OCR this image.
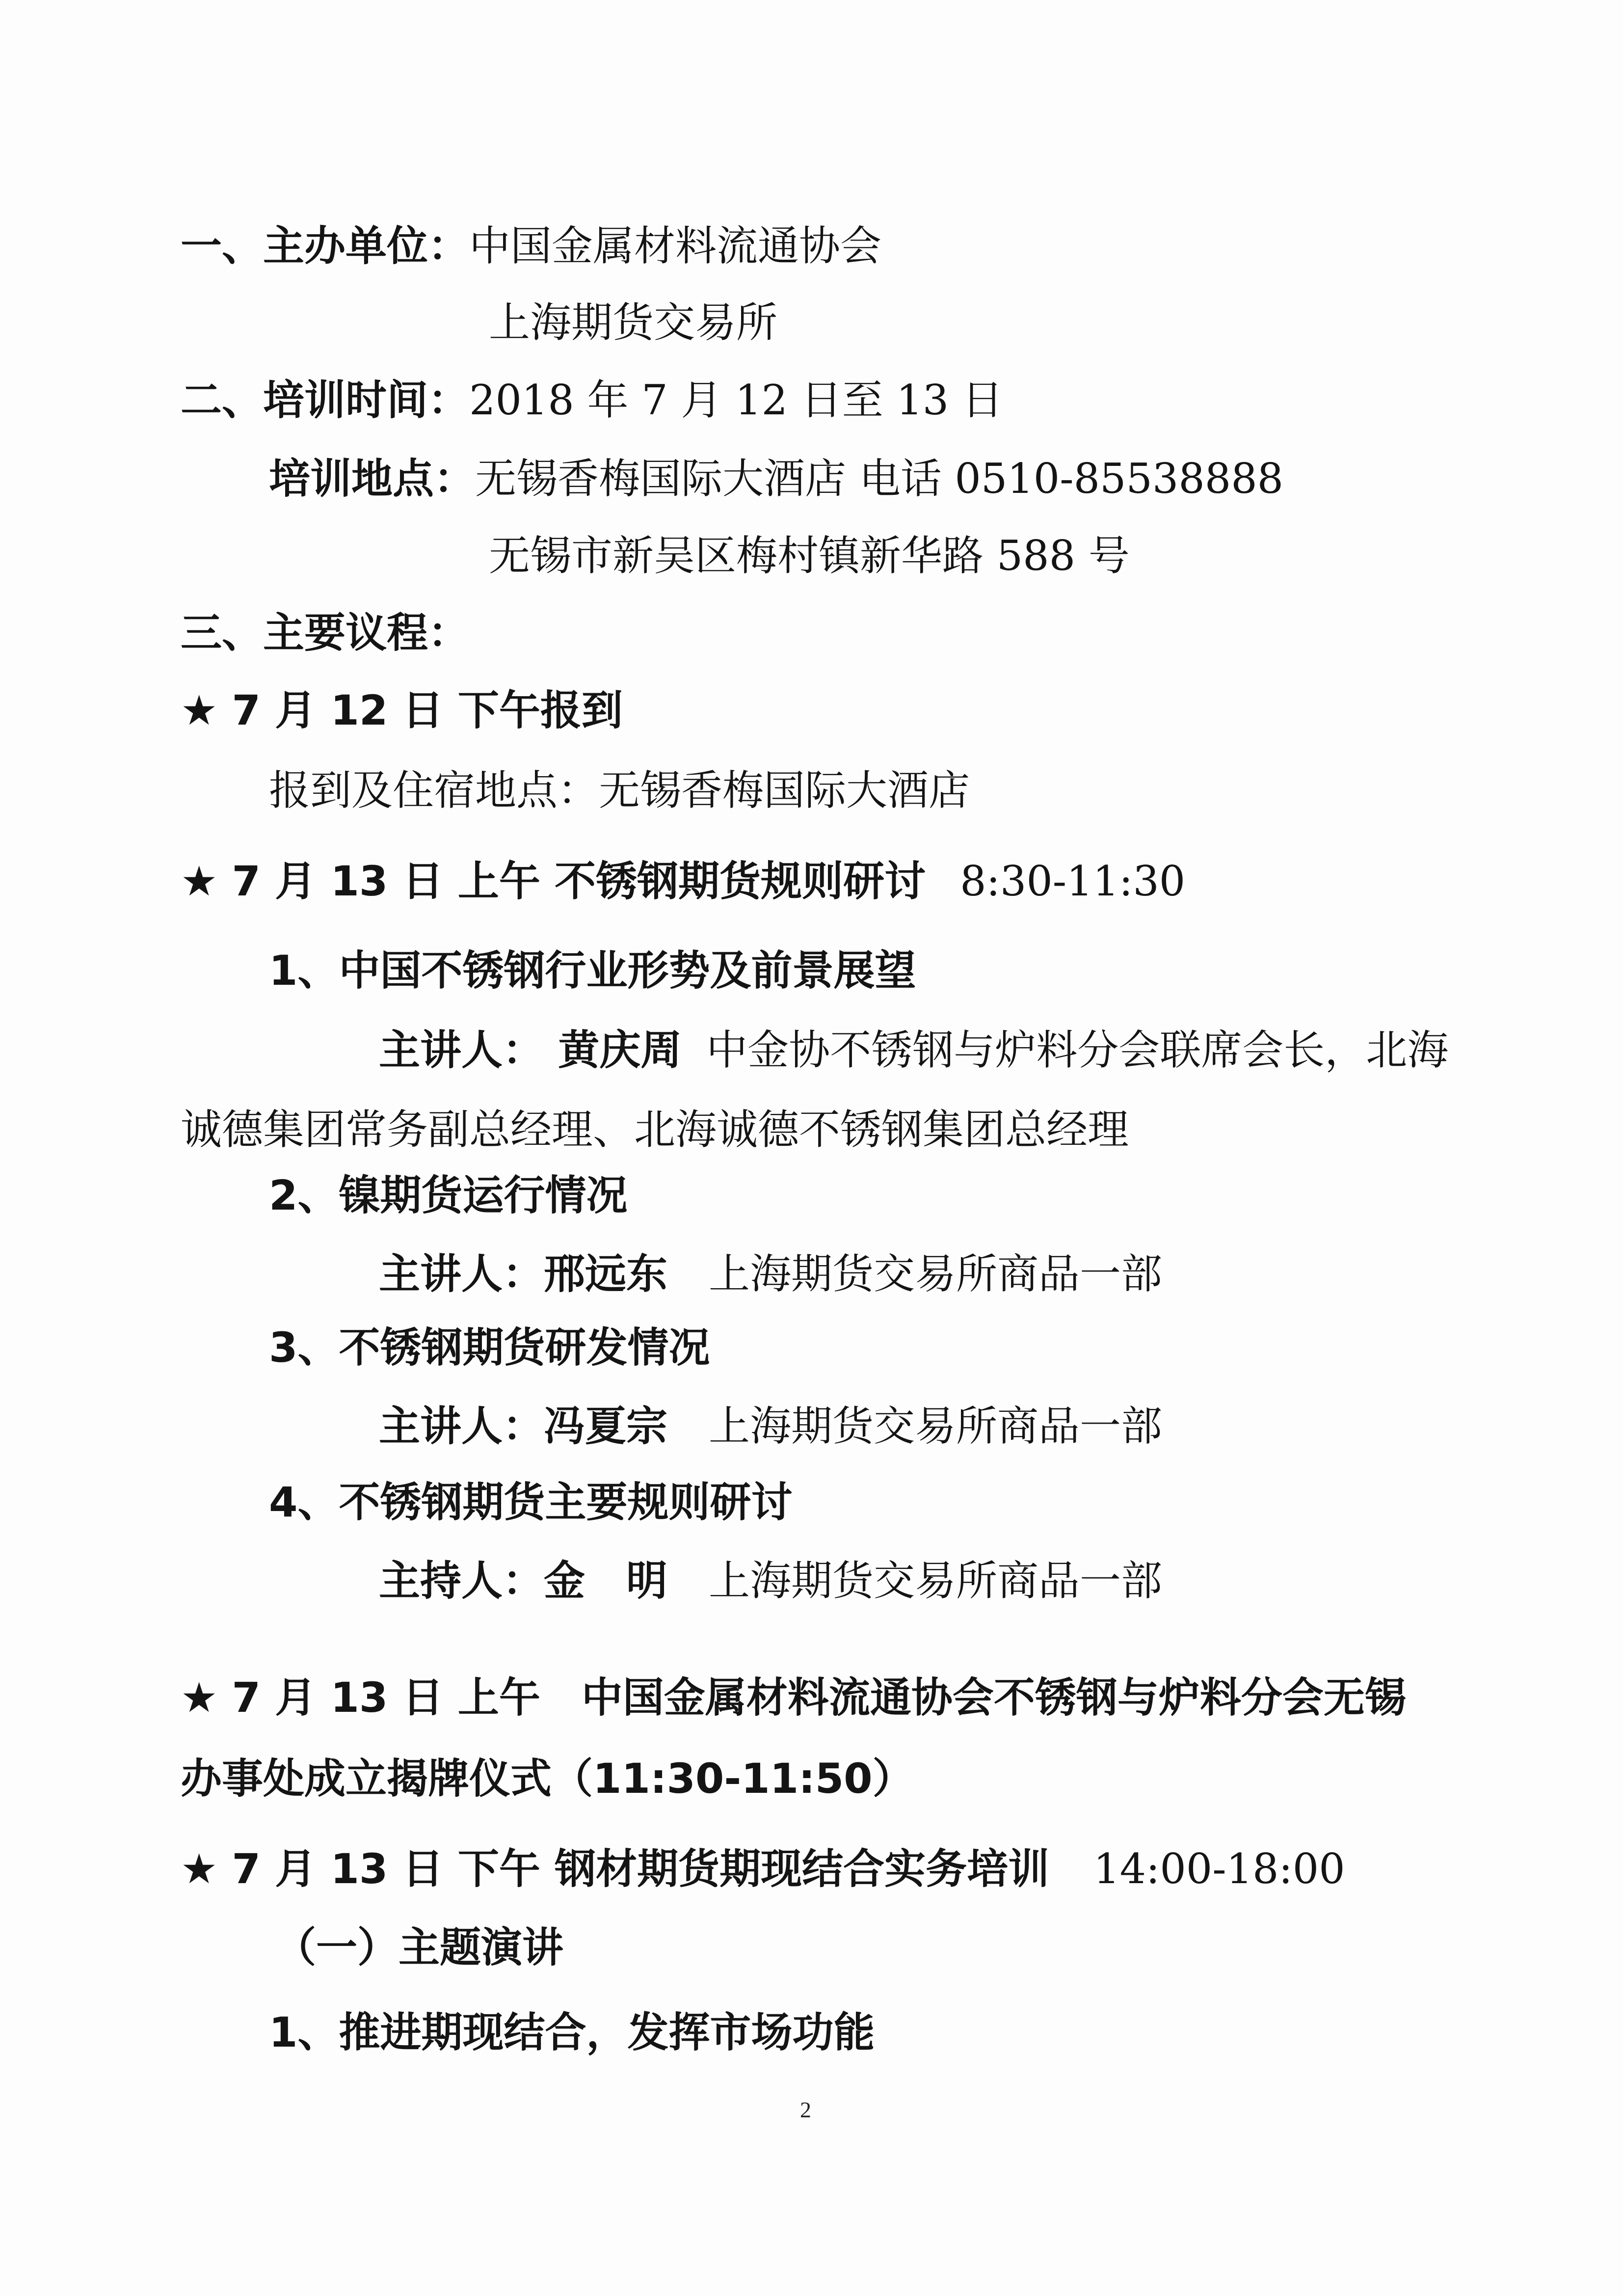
一、主办单位：中国金属材料流通协会
上海期货交易所
二、培训时间：2018 年 7 月 12 日至 13 日
培训地点：无锡香梅国际大酒店 电话 0510-85538888
无锡市新吴区梅村镇新华路 588 号
三、主要议程：
★ 7 月 12 日 下午报到
报到及住宿地点：无锡香梅国际大酒店
★ 7 月 13 日 上午 不锈钢期货规则研讨 8:30-11:30
1、中国不锈钢行业形势及前景展望
主讲人： 黄庆周 中金协不锈钢与炉料分会联席会长，北海
诚德集团常务副总经理、北海诚德不锈钢集团总经理
2、镍期货运行情况
主讲人：邢远东 上海期货交易所商品一部
3、不锈钢期货研发情况
主讲人：冯夏宗 上海期货交易所商品一部
4、不锈钢期货主要规则研讨
主持人：金　明 上海期货交易所商品一部
★ 7 月 13 日 上午　中国金属材料流通协会不锈钢与炉料分会无锡
办事处成立揭牌仪式（11:30-11:50）
★ 7 月 13 日 下午 钢材期货期现结合实务培训 14:00-18:00
（一）主题演讲
1、推进期现结合，发挥市场功能
2
